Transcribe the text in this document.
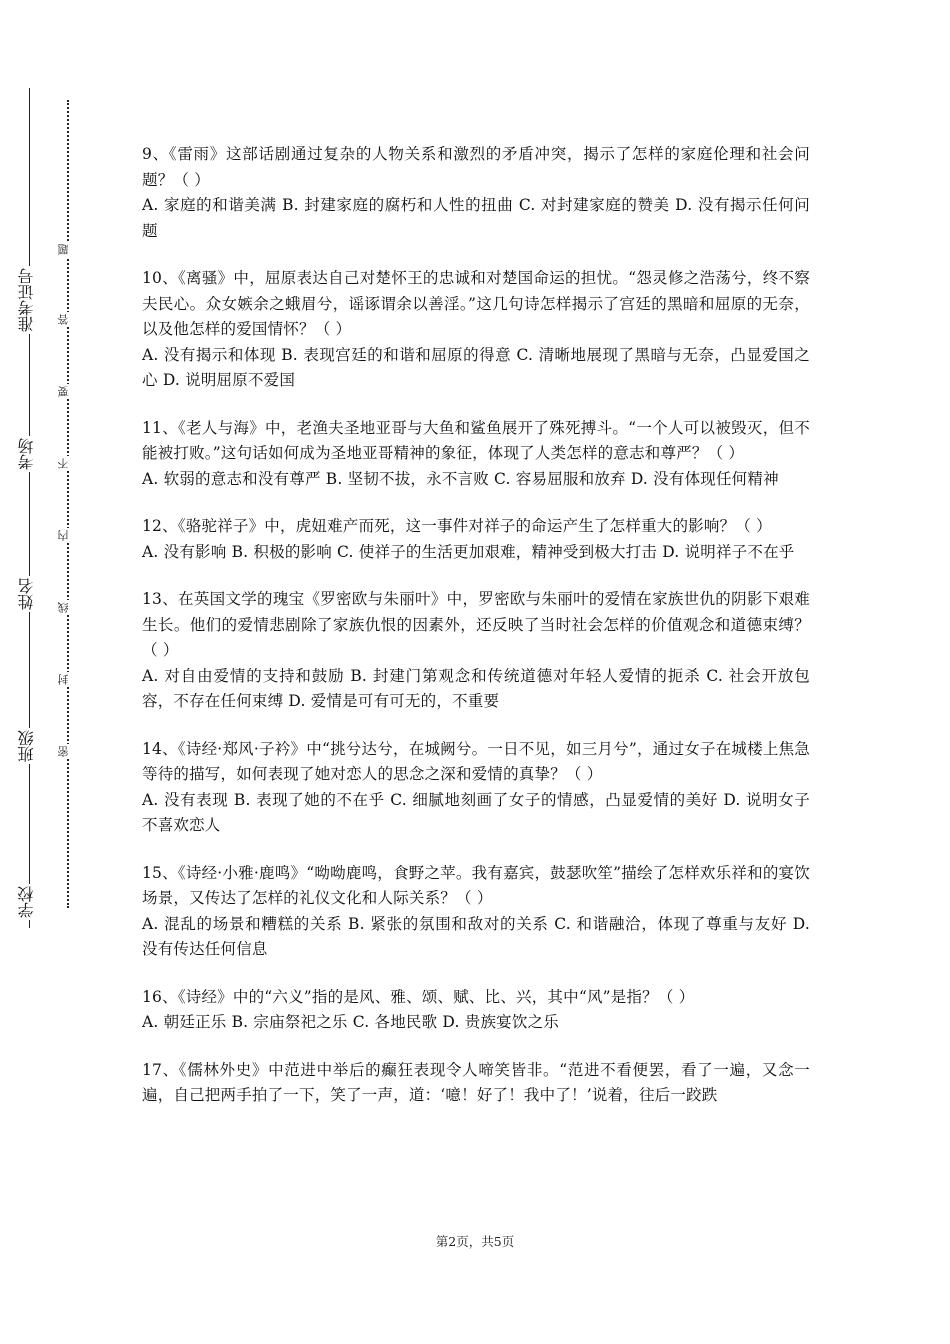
准考证号
考场
姓名
班级
学校
题
答
要
不
内
线
封
密

9、《雷雨》这部话剧通过复杂的人物关系和激烈的矛盾冲突，揭示了怎样的家庭伦理和社会问题？（ ）

A. 家庭的和谐美满 B. 封建家庭的腐朽和人性的扭曲 C. 对封建家庭的赞美 D. 没有揭示任何问题

10、《离骚》中，屈原表达自己对楚怀王的忠诚和对楚国命运的担忧。“怨灵修之浩荡兮，终不察夫民心。众女嫉余之蛾眉兮，谣诼谓余以善淫。”这几句诗怎样揭示了宫廷的黑暗和屈原的无奈，以及他怎样的爱国情怀？（ ）

A. 没有揭示和体现 B. 表现宫廷的和谐和屈原的得意 C. 清晰地展现了黑暗与无奈，凸显爱国之心 D. 说明屈原不爱国

11、《老人与海》中，老渔夫圣地亚哥与大鱼和鲨鱼展开了殊死搏斗。“一个人可以被毁灭，但不能被打败。”这句话如何成为圣地亚哥精神的象征，体现了人类怎样的意志和尊严？（ ）

A. 软弱的意志和没有尊严 B. 坚韧不拔，永不言败 C. 容易屈服和放弃 D. 没有体现任何精神

12、《骆驼祥子》中，虎妞难产而死，这一事件对祥子的命运产生了怎样重大的影响？（ ）

A. 没有影响 B. 积极的影响 C. 使祥子的生活更加艰难，精神受到极大打击 D. 说明祥子不在乎

13、在英国文学的瑰宝《罗密欧与朱丽叶》中，罗密欧与朱丽叶的爱情在家族世仇的阴影下艰难生长。他们的爱情悲剧除了家族仇恨的因素外，还反映了当时社会怎样的价值观念和道德束缚？（ ）

A. 对自由爱情的支持和鼓励 B. 封建门第观念和传统道德对年轻人爱情的扼杀 C. 社会开放包容，不存在任何束缚 D. 爱情是可有可无的，不重要

14、《诗经·郑风·子衿》中“挑兮达兮，在城阙兮。一日不见，如三月兮”，通过女子在城楼上焦急等待的描写，如何表现了她对恋人的思念之深和爱情的真挚？（ ）

A. 没有表现 B. 表现了她的不在乎 C. 细腻地刻画了女子的情感，凸显爱情的美好 D. 说明女子不喜欢恋人

15、《诗经·小雅·鹿鸣》“呦呦鹿鸣，食野之苹。我有嘉宾，鼓瑟吹笙”描绘了怎样欢乐祥和的宴饮场景，又传达了怎样的礼仪文化和人际关系？（ ）

A. 混乱的场景和糟糕的关系 B. 紧张的氛围和敌对的关系 C. 和谐融洽，体现了尊重与友好 D. 没有传达任何信息

16、《诗经》中的“六义”指的是风、雅、颂、赋、比、兴，其中“风”是指？（ ）

A. 朝廷正乐 B. 宗庙祭祀之乐 C. 各地民歌 D. 贵族宴饮之乐

17、《儒林外史》中范进中举后的癫狂表现令人啼笑皆非。“范进不看便罢，看了一遍，又念一遍，自己把两手拍了一下，笑了一声，道：‘噫！好了！我中了！’说着，往后一跤跌

第2页，共5页
